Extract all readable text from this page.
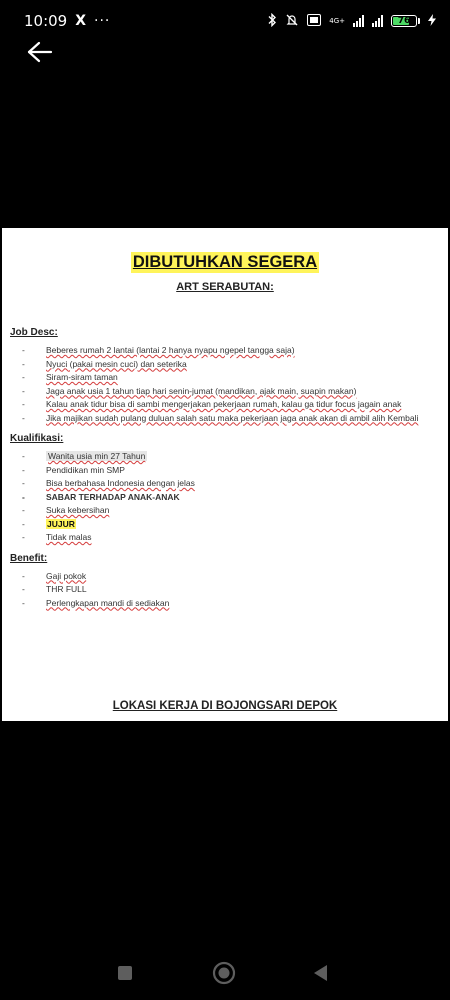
10:09 X ···	4G+	76
DIBUTUHKAN SEGERA
ART SERABUTAN:
Job Desc:
- Beberes rumah 2 lantai (lantai 2 hanya nyapu ngepel tangga saja)
- Nyuci (pakai mesin cuci) dan seterika
- Siram-siram taman
- Jaga anak usia 1 tahun tiap hari senin-jumat (mandikan, ajak main, suapin makan)
- Kalau anak tidur bisa di sambi mengerjakan pekerjaan rumah, kalau ga tidur focus jagain anak
- Jika majikan sudah pulang duluan salah satu maka pekerjaan jaga anak akan di ambil alih Kembali
Kualifikasi:
- Wanita usia min 27 Tahun
- Pendidikan min SMP
- Bisa berbahasa Indonesia dengan jelas
- SABAR TERHADAP ANAK-ANAK
- Suka kebersihan
- JUJUR
- Tidak malas
Benefit:
- Gaji pokok
- THR FULL
- Perlengkapan mandi di sediakan
LOKASI KERJA DI BOJONGSARI DEPOK
